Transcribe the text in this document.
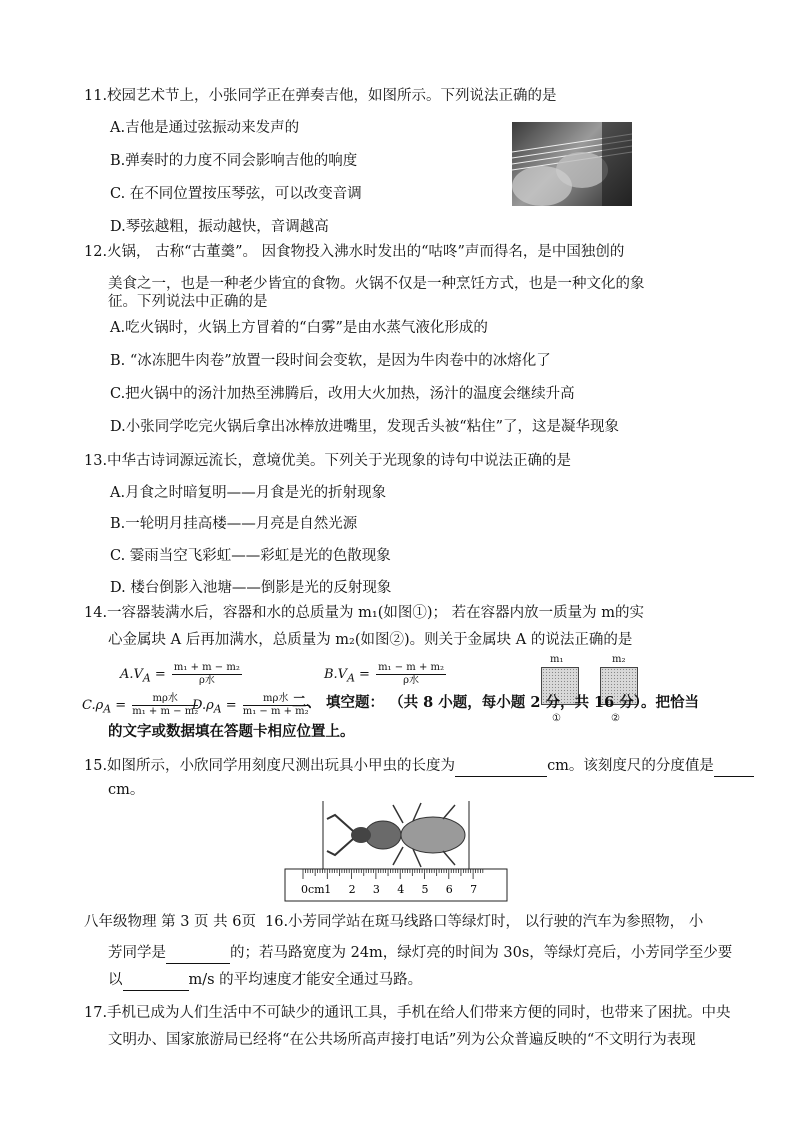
11.校园艺术节上，小张同学正在弹奏吉他，如图所示。下列说法正确的是
A.吉他是通过弦振动来发声的
B.弹奏时的力度不同会影响吉他的响度
C. 在不同位置按压琴弦，可以改变音调
D.琴弦越粗，振动越快，音调越高
12.火锅， 古称“古董羹”。 因食物投入沸水时发出的“咕咚”声而得名，是中国独创的
美食之一，也是一种老少皆宜的食物。火锅不仅是一种烹饪方式，也是一种文化的象
征。下列说法中正确的是
A.吃火锅时，火锅上方冒着的“白雾”是由水蒸气液化形成的
B. “冰冻肥牛肉卷”放置一段时间会变软，是因为牛肉卷中的冰熔化了
C.把火锅中的汤汁加热至沸腾后，改用大火加热，汤汁的温度会继续升高
D.小张同学吃完火锅后拿出冰棒放进嘴里，发现舌头被“粘住”了，这是凝华现象
13.中华古诗词源远流长，意境优美。下列关于光现象的诗句中说法正确的是
A.月食之时暗复明——月食是光的折射现象
B.一轮明月挂高楼——月亮是自然光源
C. 霎雨当空飞彩虹——彩虹是光的色散现象
D. 楼台倒影入池塘——倒影是光的反射现象
14.一容器装满水后，容器和水的总质量为 m₁(如图①)； 若在容器内放一质量为 m的实
心金属块 A 后再加满水，总质量为 m₂(如图②)。则关于金属块 A 的说法正确的是
$A.V_A = \frac{\text{m₁ + m − m₂}}{\text{ρ水}}$	$B.V_A = \frac{\text{m₁ − m + m₂}}{\text{ρ水}}$
$C.\rho_A = \frac{\text{mρ水}}{\text{m₁ + m − m₂}}$
$D.\rho_A = \frac{\text{mρ水}}{\text{m₁ − m + m₂}}$
m₁
①
m₂
②
二、 填空题： （共 8 小题，每小题 2 分，共 16 分）。把恰当
的文字或数据填在答题卡相应位置上。
15.如图所示，小欣同学用刻度尺测出玩具小甲虫的长度为	cm。该刻度尺的分度值是
cm。
0cm 1 2 3 4 5 6 7
八年级物理 第 3 页 共 6页 16.小芳同学站在斑马线路口等绿灯时， 以行驶的汽车为参照物， 小
芳同学是	的；若马路宽度为 24m，绿灯亮的时间为 30s，等绿灯亮后，小芳同学至少要
以	m/s 的平均速度才能安全通过马路。
17.手机已成为人们生活中不可缺少的通讯工具，手机在给人们带来方便的同时，也带来了困扰。中央
文明办、国家旅游局已经将“在公共场所高声接打电话”列为公众普遍反映的“不文明行为表现
